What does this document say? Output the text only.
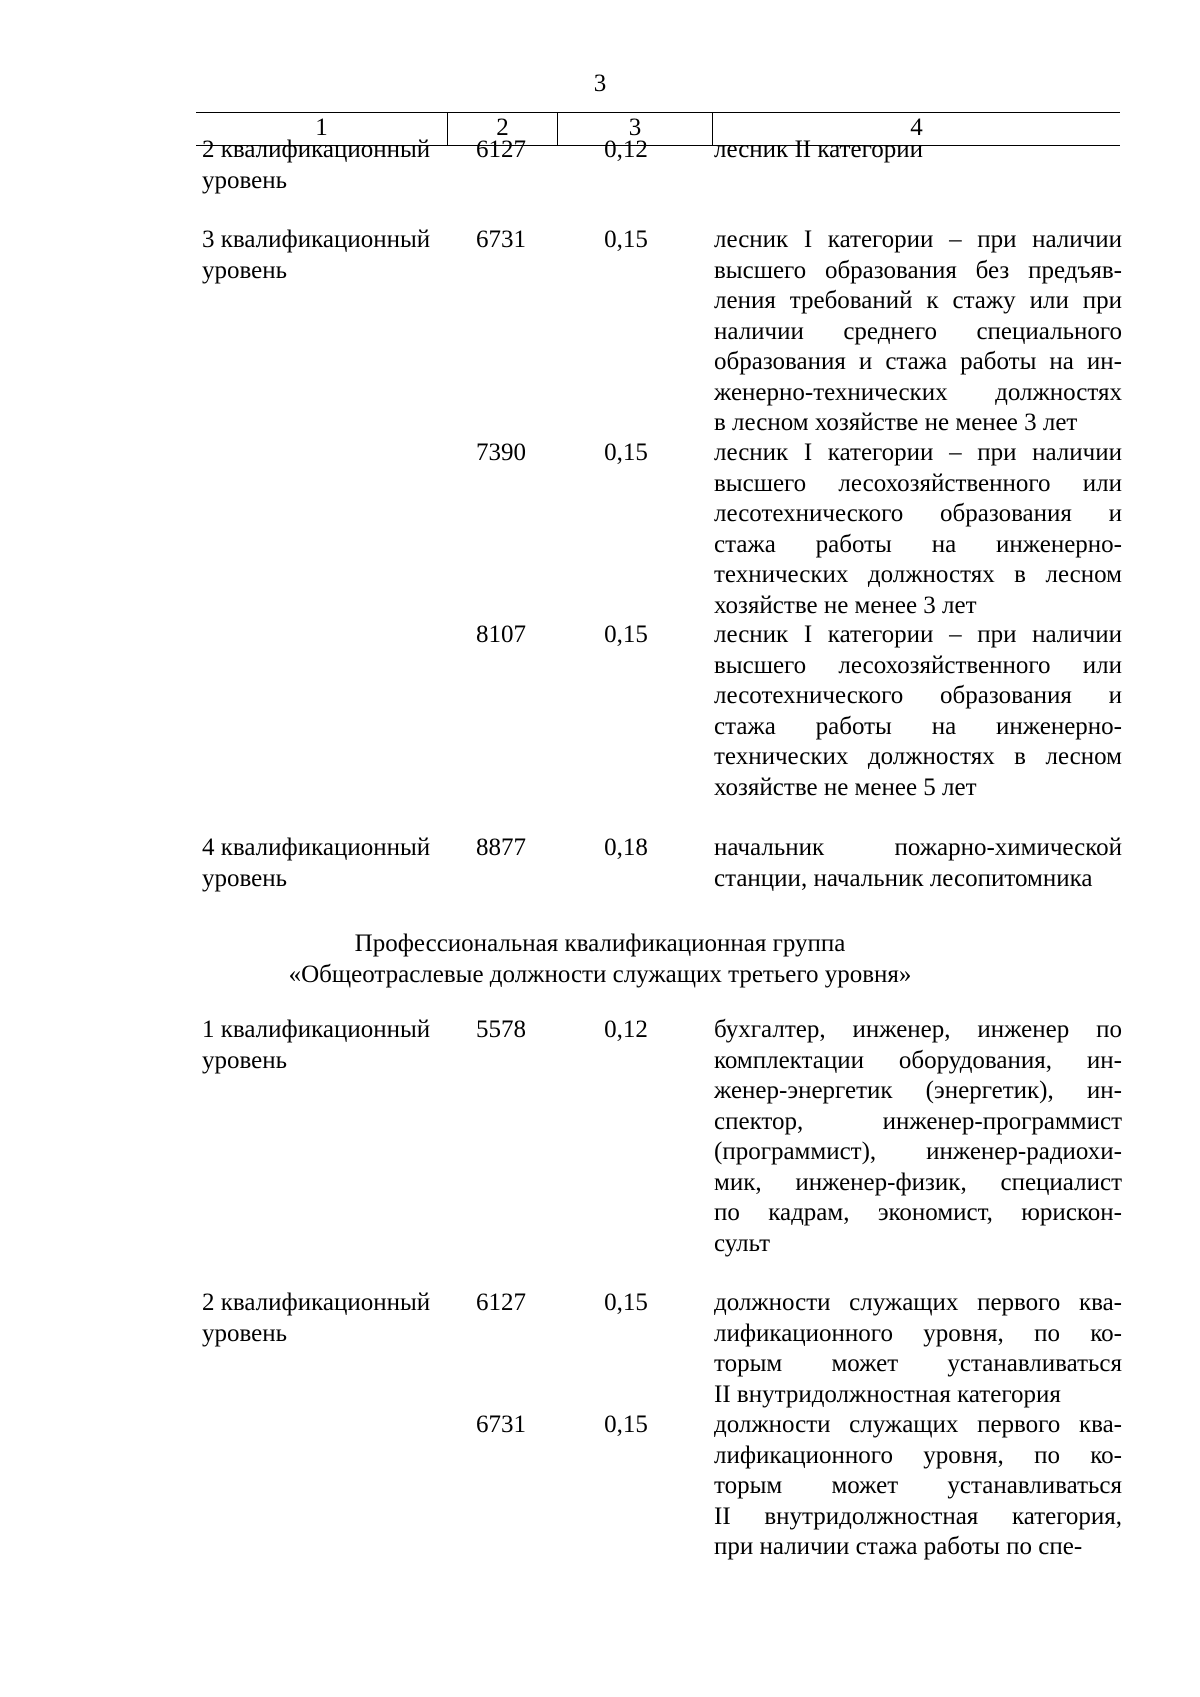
3
1	2	3	4
2 квалификационный
уровень
6127	0,12	лесник II категории
3 квалификационный
уровень
6731	0,15	лесник I категории – при наличии
высшего образования без предъяв-
ления требований к стажу или при
наличии среднего специального
образования и стажа работы на ин-
женерно-технических должностях
в лесном хозяйстве не менее 3 лет
7390	0,15	лесник I категории – при наличии
высшего лесохозяйственного или
лесотехнического образования и
стажа работы на инженерно-
технических должностях в лесном
хозяйстве не менее 3 лет
8107	0,15	лесник I категории – при наличии
высшего лесохозяйственного или
лесотехнического образования и
стажа работы на инженерно-
технических должностях в лесном
хозяйстве не менее 5 лет
4 квалификационный
уровень
8877	0,18	начальник пожарно-химической
станции, начальник лесопитомника
Профессиональная квалификационная группа
«Общеотраслевые должности служащих третьего уровня»
1 квалификационный
уровень
5578	0,12	бухгалтер, инженер, инженер по
комплектации оборудования, ин-
женер-энергетик (энергетик), ин-
спектор, инженер-программист
(программист), инженер-радиохи-
мик, инженер-физик, специалист
по кадрам, экономист, юрискон-
сульт
2 квалификационный
уровень
6127	0,15	должности служащих первого ква-
лификационного уровня, по ко-
торым может устанавливаться
II внутридолжностная категория
6731	0,15	должности служащих первого ква-
лификационного уровня, по ко-
торым может устанавливаться
II внутридолжностная категория,
при наличии стажа работы по спе-
